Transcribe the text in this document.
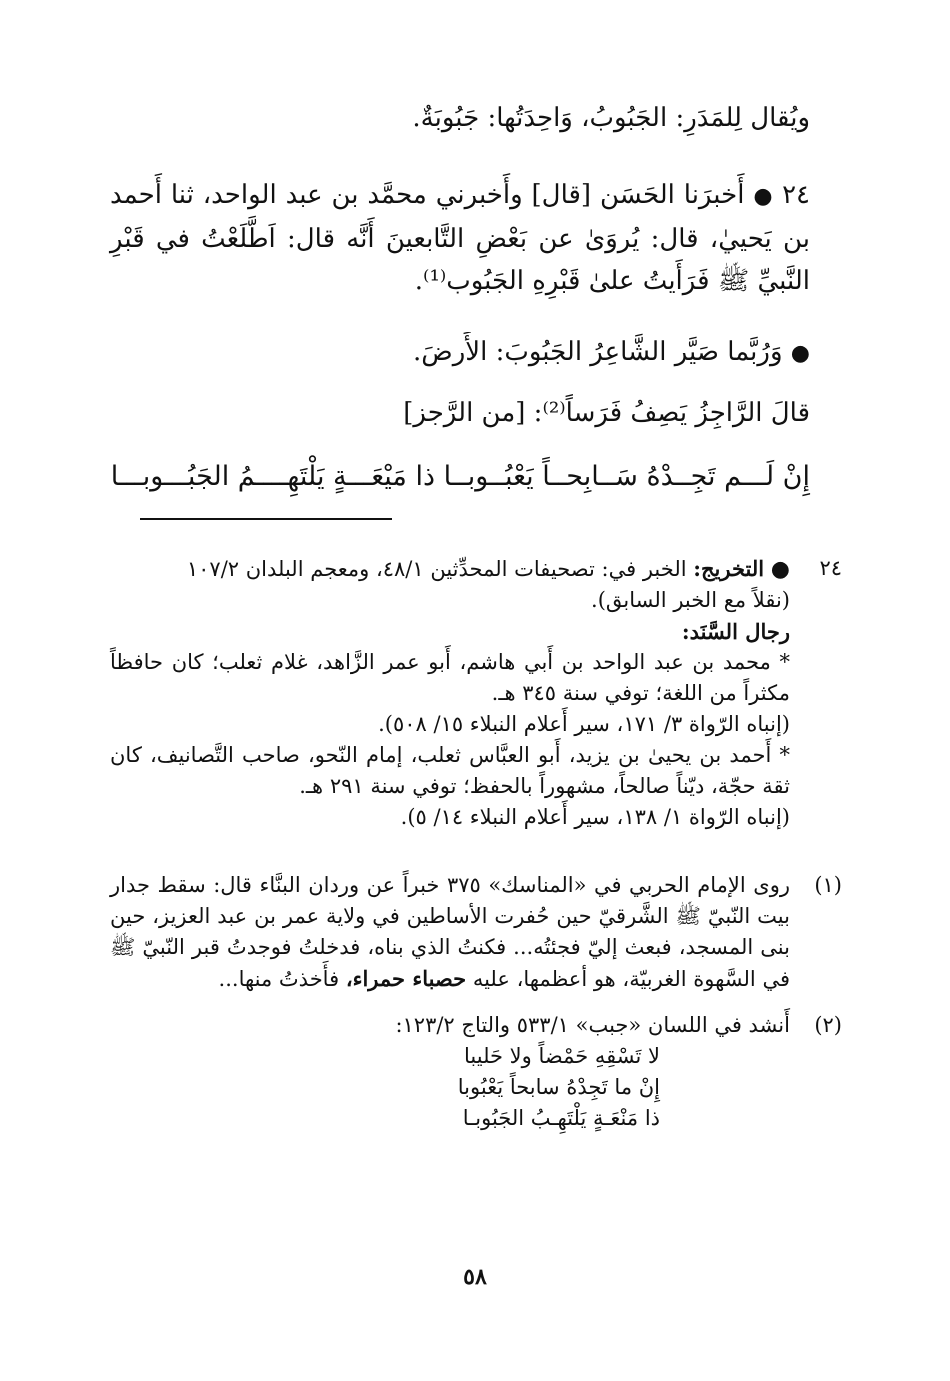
ويُقال لِلمَدَرِ: الجَبُوبُ، وَاحِدَتُها: جَبُوبَةٌ.
٢٤ ● أَخبرَنا الحَسَن [قال] وأَخبرني محمَّد بن عبد الواحد، ثنا أَحمد بن يَحييٰ، قال: يُروَىٰ عن بَعْضِ التَّابعينَ أَنَّه قال: اَطَّلَعْتُ في قَبْرِ النَّبيِّ ﷺ فَرَأَيتُ علىٰ قَبْرِهِ الجَبُوب⁽¹⁾.
● وَرُبَّما صَيَّر الشَّاعِرُ الجَبُوبَ: الأَرضَ.
قالَ الرَّاجِزُ يَصِفُ فَرَساً⁽²⁾: [من الرَّجز]
إِنْ لَـــم تَجِــدْهُ سَــابِحــاً يَعْبُــوبــا
ذا مَيْعَـــةٍ يَلْتَهِــــمُ الجَبُـــوبـــا
٢٤
● التخريج: الخبر في: تصحيفات المحدِّثين ٤٨/١، ومعجم البلدان ١٠٧/٢
(نقلاً مع الخبر السابق).
رجال السَّنَد:
* محمد بن عبد الواحد بن أَبي هاشم، أَبو عمر الزَّاهد، غلام ثعلب؛ كان حافظاً مكثراً من اللغة؛ توفي سنة ٣٤٥ هـ.
(إنباه الرّواة ٣/ ١٧١، سير أَعلام النبلاء ١٥/ ٥٠٨).
* أَحمد بن يحيىٰ بن يزيد، أَبو العبَّاس ثعلب، إمام النّحو، صاحب التَّصانيف، كان ثقة حجّة، ديّناً صالحاً، مشهوراً بالحفظ؛ توفي سنة ٢٩١ هـ.
(إنباه الرّواة ١/ ١٣٨، سير أَعلام النبلاء ١٤/ ٥).
(١)
روى الإمام الحربي في «المناسك» ٣٧٥ خبراً عن وردان البنَّاء قال: سقط جدار بيت النّبيّ ﷺ الشَّرقيّ حين حُفرت الأساطين في ولاية عمر بن عبد العزيز، حين بنى المسجد، فبعث إليّ فجئتُه... فكنتُ الذي بناه، فدخلتُ فوجدتُ قبر النّبيّ ﷺ في السَّهوة الغربيّة، هو أعظمها، عليه حصباء حمراء، فأَخذتُ منها...
(٢)
أَنشد في اللسان «جبب» ٥٣٣/١ والتاج ١٢٣/٢:
لا تَسْقِهِ حَمْضاً ولا حَليبا
إِنْ ما تَجِدْهُ سابحاً يَعْبُوبا
ذا مَنْعَـةٍ يَلْتَهِـبُ الجَبُوبـا
٥٨
